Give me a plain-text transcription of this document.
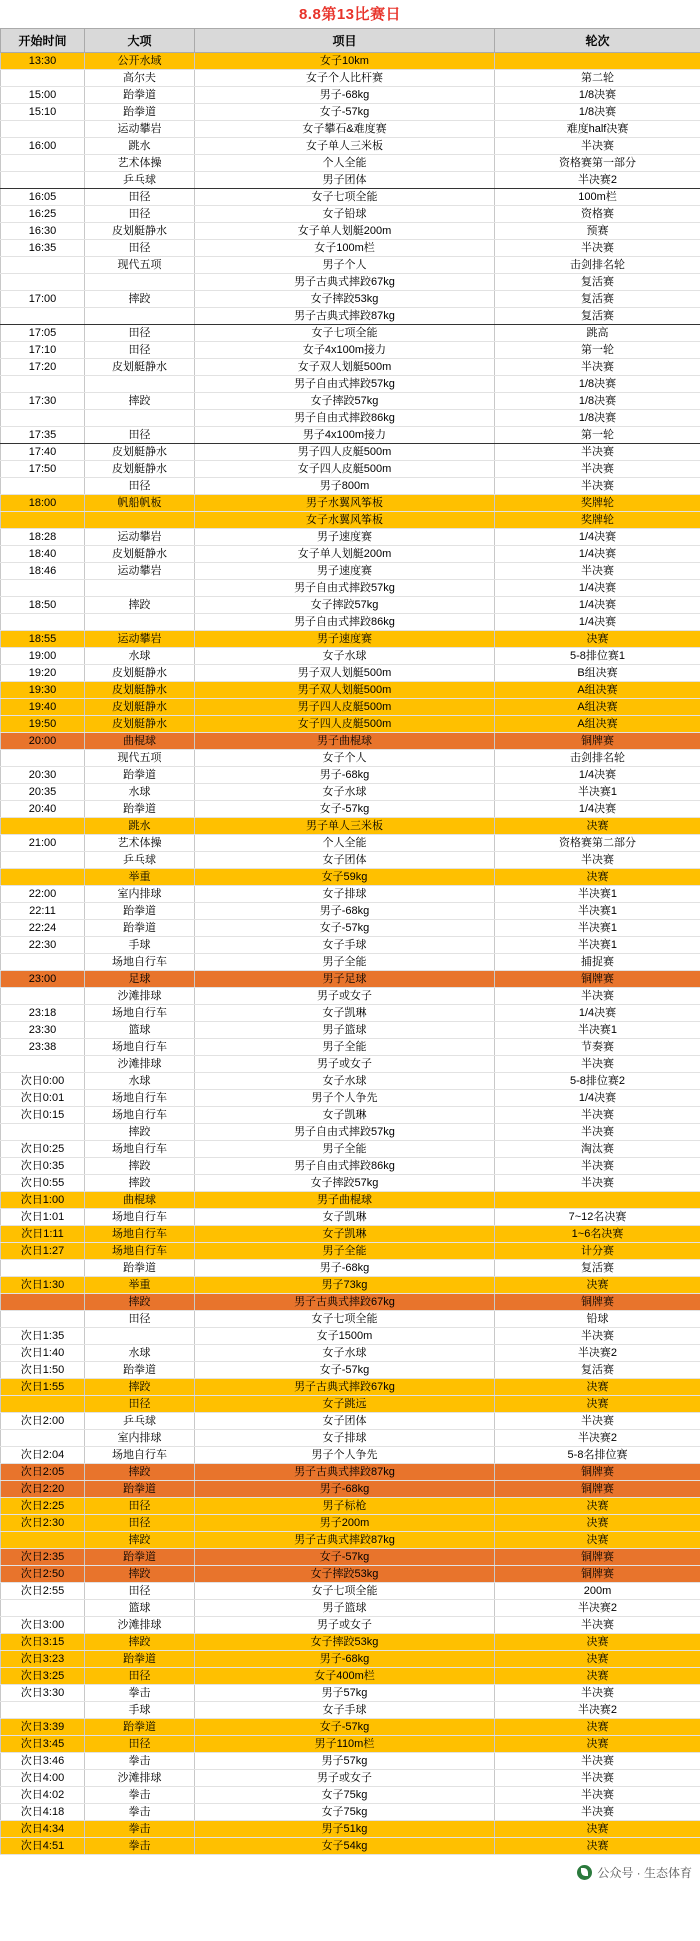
8.8第13比赛日
开始时间	大项	项目	轮次
13:30	公开水域	女子10km	
	高尔夫	女子个人比杆赛	第二轮
15:00	跆拳道	男子-68kg	1/8决赛
15:10	跆拳道	女子-57kg	1/8决赛
	运动攀岩	女子攀石&难度赛	难度half决赛
16:00	跳水	女子单人三米板	半决赛
	艺术体操	个人全能	资格赛第一部分
	乒乓球	男子团体	半决赛2
16:05	田径	女子七项全能	100m栏
16:25	田径	女子铅球	资格赛
16:30	皮划艇静水	女子单人划艇200m	预赛
16:35	田径	女子100m栏	半决赛
	现代五项	男子个人	击剑排名轮
		男子古典式摔跤67kg	复活赛
17:00	摔跤	女子摔跤53kg	复活赛
		男子古典式摔跤87kg	复活赛
17:05	田径	女子七项全能	跳高
17:10	田径	女子4x100m接力	第一轮
17:20	皮划艇静水	女子双人划艇500m	半决赛
		男子自由式摔跤57kg	1/8决赛
17:30	摔跤	女子摔跤57kg	1/8决赛
		男子自由式摔跤86kg	1/8决赛
17:35	田径	男子4x100m接力	第一轮
17:40	皮划艇静水	男子四人皮艇500m	半决赛
17:50	皮划艇静水	女子四人皮艇500m	半决赛
	田径	男子800m	半决赛
18:00	帆船帆板	男子水翼风筝板	奖牌轮
		女子水翼风筝板	奖牌轮
18:28	运动攀岩	男子速度赛	1/4决赛
18:40	皮划艇静水	女子单人划艇200m	1/4决赛
18:46	运动攀岩	男子速度赛	半决赛
		男子自由式摔跤57kg	1/4决赛
18:50	摔跤	女子摔跤57kg	1/4决赛
		男子自由式摔跤86kg	1/4决赛
18:55	运动攀岩	男子速度赛	决赛
19:00	水球	女子水球	5-8排位赛1
19:20	皮划艇静水	男子双人划艇500m	B组决赛
19:30	皮划艇静水	男子双人划艇500m	A组决赛
19:40	皮划艇静水	男子四人皮艇500m	A组决赛
19:50	皮划艇静水	女子四人皮艇500m	A组决赛
20:00	曲棍球	男子曲棍球	铜牌赛
	现代五项	女子个人	击剑排名轮
20:30	跆拳道	男子-68kg	1/4决赛
20:35	水球	女子水球	半决赛1
20:40	跆拳道	女子-57kg	1/4决赛
	跳水	男子单人三米板	决赛
21:00	艺术体操	个人全能	资格赛第二部分
	乒乓球	女子团体	半决赛
	举重	女子59kg	决赛
22:00	室内排球	女子排球	半决赛1
22:11	跆拳道	男子-68kg	半决赛1
22:24	跆拳道	女子-57kg	半决赛1
22:30	手球	女子手球	半决赛1
	场地自行车	男子全能	捕捉赛
23:00	足球	男子足球	铜牌赛
	沙滩排球	男子或女子	半决赛
23:18	场地自行车	女子凯琳	1/4决赛
23:30	篮球	男子篮球	半决赛1
23:38	场地自行车	男子全能	节奏赛
	沙滩排球	男子或女子	半决赛
次日0:00	水球	女子水球	5-8排位赛2
次日0:01	场地自行车	男子个人争先	1/4决赛
次日0:15	场地自行车	女子凯琳	半决赛
	摔跤	男子自由式摔跤57kg	半决赛
次日0:25	场地自行车	男子全能	淘汰赛
次日0:35	摔跤	男子自由式摔跤86kg	半决赛
次日0:55	摔跤	女子摔跤57kg	半决赛
次日1:00	曲棍球	男子曲棍球	
次日1:01	场地自行车	女子凯琳	7~12名决赛
次日1:11	场地自行车	女子凯琳	1~6名决赛
次日1:27	场地自行车	男子全能	计分赛
	跆拳道	男子-68kg	复活赛
次日1:30	举重	男子73kg	决赛
	摔跤	男子古典式摔跤67kg	铜牌赛
	田径	女子七项全能	铅球
次日1:35		女子1500m	半决赛
次日1:40	水球	女子水球	半决赛2
次日1:50	跆拳道	女子-57kg	复活赛
次日1:55	摔跤	男子古典式摔跤67kg	决赛
	田径	女子跳远	决赛
次日2:00	乒乓球	女子团体	半决赛
	室内排球	女子排球	半决赛2
次日2:04	场地自行车	男子个人争先	5-8名排位赛
次日2:05	摔跤	男子古典式摔跤87kg	铜牌赛
次日2:20	跆拳道	男子-68kg	铜牌赛
次日2:25	田径	男子标枪	决赛
次日2:30	田径	男子200m	决赛
	摔跤	男子古典式摔跤87kg	决赛
次日2:35	跆拳道	女子-57kg	铜牌赛
次日2:50	摔跤	女子摔跤53kg	铜牌赛
次日2:55	田径	女子七项全能	200m
	篮球	男子篮球	半决赛2
次日3:00	沙滩排球	男子或女子	半决赛
次日3:15	摔跤	女子摔跤53kg	决赛
次日3:23	跆拳道	男子-68kg	决赛
次日3:25	田径	女子400m栏	决赛
次日3:30	拳击	男子57kg	半决赛
	手球	女子手球	半决赛2
次日3:39	跆拳道	女子-57kg	决赛
次日3:45	田径	男子110m栏	决赛
次日3:46	拳击	男子57kg	半决赛
次日4:00	沙滩排球	男子或女子	半决赛
次日4:02	拳击	女子75kg	半决赛
次日4:18	拳击	女子75kg	半决赛
次日4:34	拳击	男子51kg	决赛
次日4:51	拳击	女子54kg	决赛
公众号 · 生态体育
